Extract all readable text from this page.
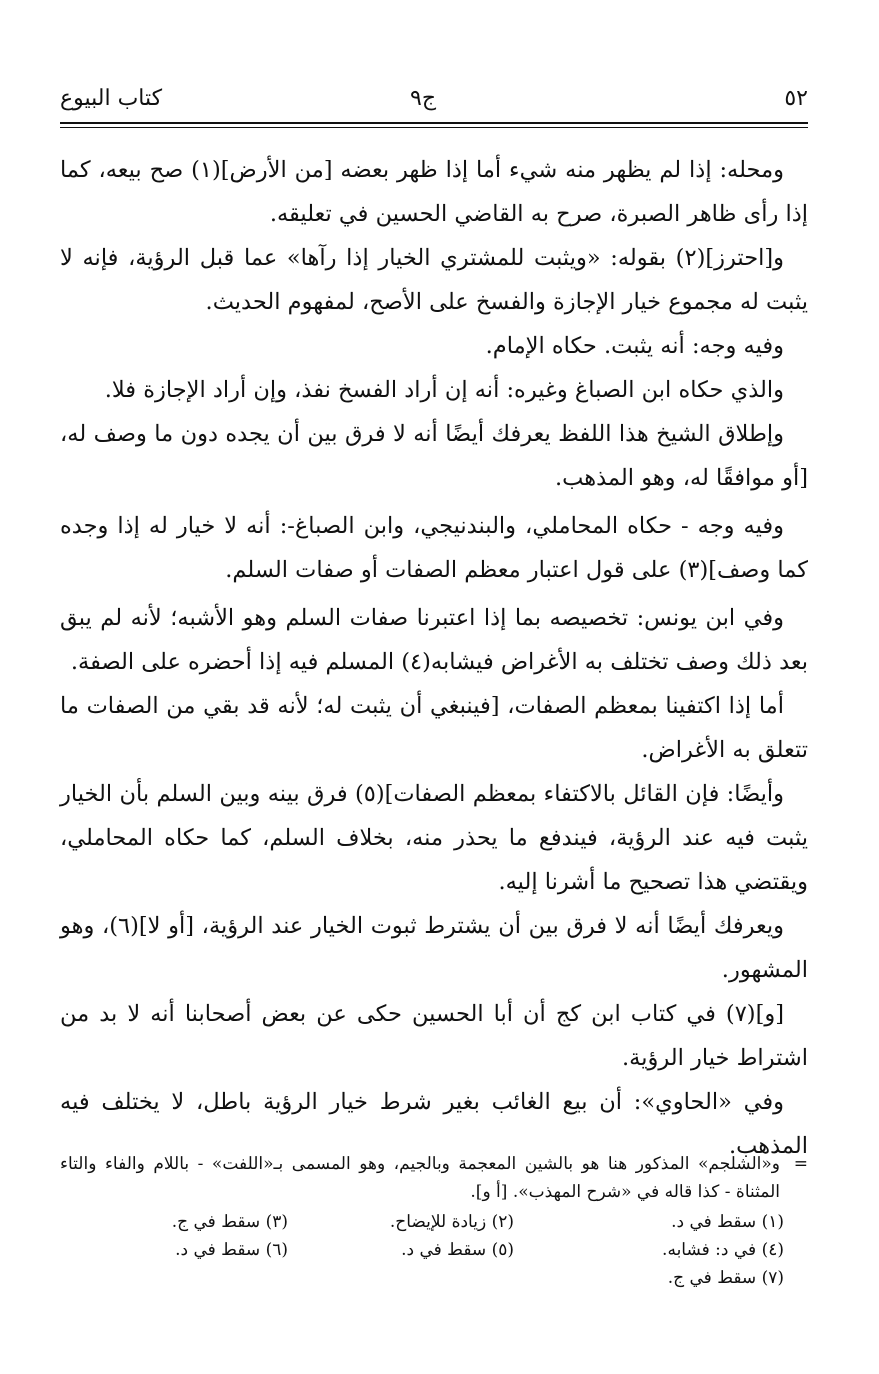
٥٢
ج٩
كتاب البيوع

ومحله: إذا لم يظهر منه شيء أما إذا ظهر بعضه [من الأرض](١) صح بيعه، كما إذا رأى ظاهر الصبرة، صرح به القاضي الحسين في تعليقه.

و[احترز](٢) بقوله: «ويثبت للمشتري الخيار إذا رآها» عما قبل الرؤية، فإنه لا يثبت له مجموع خيار الإجازة والفسخ على الأصح، لمفهوم الحديث.

وفيه وجه: أنه يثبت. حكاه الإمام.

والذي حكاه ابن الصباغ وغيره: أنه إن أراد الفسخ نفذ، وإن أراد الإجازة فلا.

وإطلاق الشيخ هذا اللفظ يعرفك أيضًا أنه لا فرق بين أن يجده دون ما وصف له، [أو موافقًا له، وهو المذهب.

وفيه وجه - حكاه المحاملي، والبندنيجي، وابن الصباغ-: أنه لا خيار له إذا وجده كما وصف](٣) على قول اعتبار معظم الصفات أو صفات السلم.

وفي ابن يونس: تخصيصه بما إذا اعتبرنا صفات السلم وهو الأشبه؛ لأنه لم يبق بعد ذلك وصف تختلف به الأغراض فيشابه(٤) المسلم فيه إذا أحضره على الصفة.

أما إذا اكتفينا بمعظم الصفات، [فينبغي أن يثبت له؛ لأنه قد بقي من الصفات ما تتعلق به الأغراض.

وأيضًا: فإن القائل بالاكتفاء بمعظم الصفات](٥) فرق بينه وبين السلم بأن الخيار يثبت فيه عند الرؤية، فيندفع ما يحذر منه، بخلاف السلم، كما حكاه المحاملي، ويقتضي هذا تصحيح ما أشرنا إليه.

ويعرفك أيضًا أنه لا فرق بين أن يشترط ثبوت الخيار عند الرؤية، [أو لا](٦)، وهو المشهور.

[و](٧) في كتاب ابن كج أن أبا الحسين حكى عن بعض أصحابنا أنه لا بد من اشتراط خيار الرؤية.

وفي «الحاوي»: أن بيع الغائب بغير شرط خيار الرؤية باطل، لا يختلف فيه المذهب.

=
و«الشلجم» المذكور هنا هو بالشين المعجمة وبالجيم، وهو المسمى بـ«اللفت» - باللام والفاء والتاء المثناة - كذا قاله في «شرح المهذب». [أ و].
(١) سقط في د.
(٢) زيادة للإيضاح.
(٣) سقط في ج.
(٤) في د: فشابه.
(٥) سقط في د.
(٦) سقط في د.
(٧) سقط في ج.
